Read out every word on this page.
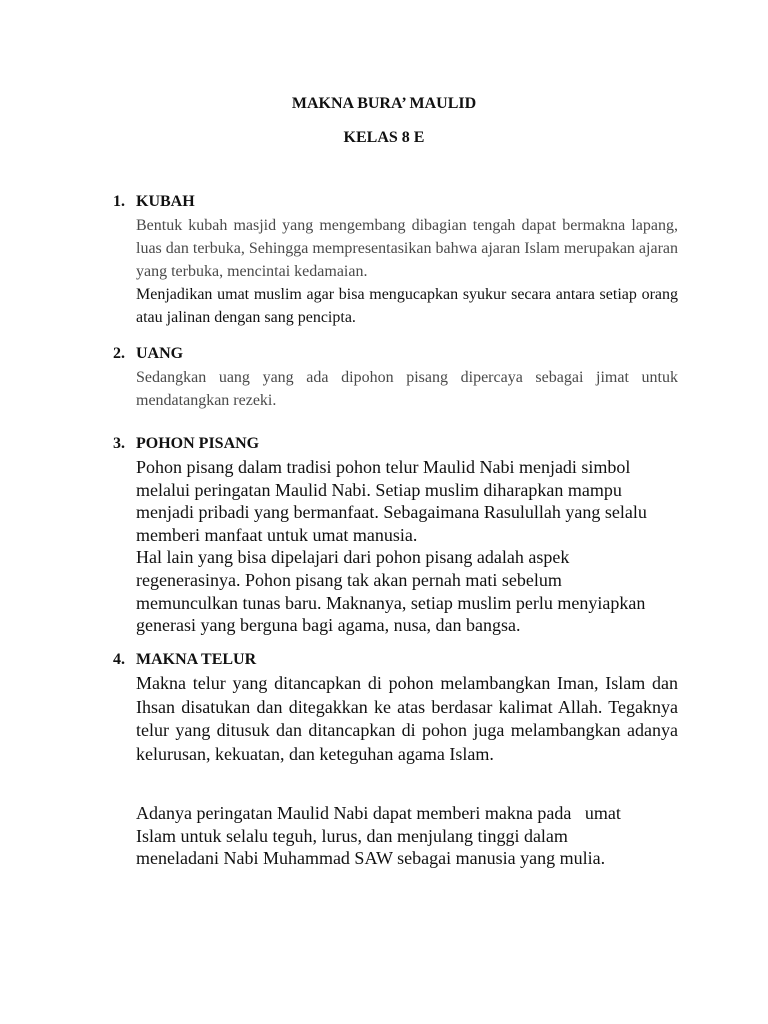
MAKNA BURA’ MAULID
KELAS 8 E
1. KUBAH
Bentuk kubah masjid yang mengembang dibagian tengah dapat bermakna lapang, luas dan terbuka, Sehingga mempresentasikan bahwa ajaran Islam merupakan ajaran yang terbuka, mencintai kedamaian.
Menjadikan umat muslim agar bisa mengucapkan syukur secara antara setiap orang atau jalinan dengan sang pencipta.
2. UANG
Sedangkan uang yang ada dipohon pisang dipercaya sebagai jimat untuk mendatangkan rezeki.
3. POHON PISANG
Pohon pisang dalam tradisi pohon telur Maulid Nabi menjadi simbol
melalui peringatan Maulid Nabi. Setiap muslim diharapkan mampu
menjadi pribadi yang bermanfaat. Sebagaimana Rasulullah yang selalu
memberi manfaat untuk umat manusia.
Hal lain yang bisa dipelajari dari pohon pisang adalah aspek
regenerasinya. Pohon pisang tak akan pernah mati sebelum
memunculkan tunas baru. Maknanya, setiap muslim perlu menyiapkan
generasi yang berguna bagi agama, nusa, dan bangsa.
4. MAKNA TELUR
Makna telur yang ditancapkan di pohon melambangkan Iman, Islam dan Ihsan disatukan dan ditegakkan ke atas berdasar kalimat Allah. Tegaknya telur yang ditusuk dan ditancapkan di pohon juga melambangkan adanya kelurusan, kekuatan, dan keteguhan agama Islam.
Adanya peringatan Maulid Nabi dapat memberi makna pada   umat
Islam untuk selalu teguh, lurus, dan menjulang tinggi dalam
meneladani Nabi Muhammad SAW sebagai manusia yang mulia.
